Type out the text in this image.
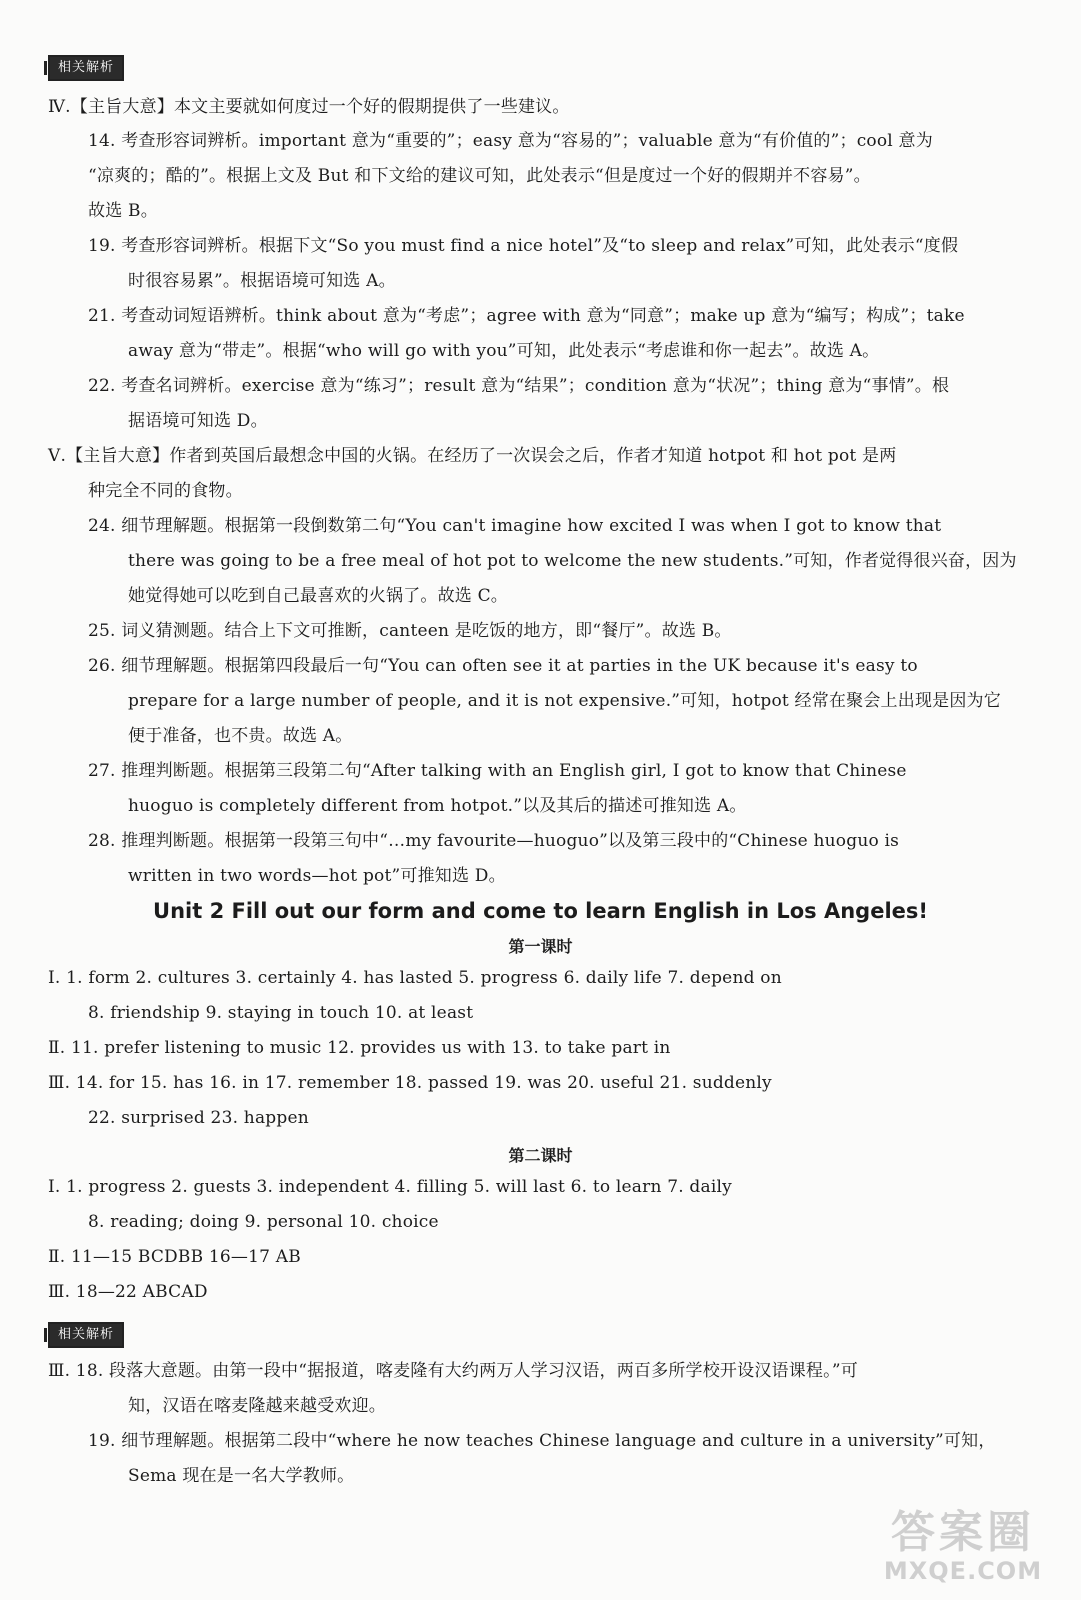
相关解析
Ⅳ.【主旨大意】本文主要就如何度过一个好的假期提供了一些建议。
14. 考查形容词辨析。important 意为“重要的”；easy 意为“容易的”；valuable 意为“有价值的”；cool 意为
“凉爽的；酷的”。根据上文及 But 和下文给的建议可知，此处表示“但是度过一个好的假期并不容易”。
故选 B。
19. 考查形容词辨析。根据下文“So you must find a nice hotel”及“to sleep and relax”可知，此处表示“度假
时很容易累”。根据语境可知选 A。
21. 考查动词短语辨析。think about 意为“考虑”；agree with 意为“同意”；make up 意为“编写；构成”；take
away 意为“带走”。根据“who will go with you”可知，此处表示“考虑谁和你一起去”。故选 A。
22. 考查名词辨析。exercise 意为“练习”；result 意为“结果”；condition 意为“状况”；thing 意为“事情”。根
据语境可知选 D。
Ⅴ.【主旨大意】作者到英国后最想念中国的火锅。在经历了一次误会之后，作者才知道 hotpot 和 hot pot 是两
种完全不同的食物。
24. 细节理解题。根据第一段倒数第二句“You can't imagine how excited I was when I got to know that
there was going to be a free meal of hot pot to welcome the new students.”可知，作者觉得很兴奋，因为
她觉得她可以吃到自己最喜欢的火锅了。故选 C。
25. 词义猜测题。结合上下文可推断，canteen 是吃饭的地方，即“餐厅”。故选 B。
26. 细节理解题。根据第四段最后一句“You can often see it at parties in the UK because it's easy to
prepare for a large number of people, and it is not expensive.”可知，hotpot 经常在聚会上出现是因为它
便于准备，也不贵。故选 A。
27. 推理判断题。根据第三段第二句“After talking with an English girl, I got to know that Chinese
huoguo is completely different from hotpot.”以及其后的描述可推知选 A。
28. 推理判断题。根据第一段第三句中“…my favourite—huoguo”以及第三段中的“Chinese huoguo is
written in two words—hot pot”可推知选 D。
Unit 2 Fill out our form and come to learn English in Los Angeles!
第一课时
Ⅰ. 1. form 2. cultures 3. certainly 4. has lasted 5. progress 6. daily life 7. depend on
8. friendship 9. staying in touch 10. at least
Ⅱ. 11. prefer listening to music 12. provides us with 13. to take part in
Ⅲ. 14. for 15. has 16. in 17. remember 18. passed 19. was 20. useful 21. suddenly
22. surprised 23. happen
第二课时
Ⅰ. 1. progress 2. guests 3. independent 4. filling 5. will last 6. to learn 7. daily
8. reading; doing 9. personal 10. choice
Ⅱ. 11—15 BCDBB 16—17 AB
Ⅲ. 18—22 ABCAD
相关解析
Ⅲ. 18. 段落大意题。由第一段中“据报道，喀麦隆有大约两万人学习汉语，两百多所学校开设汉语课程。”可
知，汉语在喀麦隆越来越受欢迎。
19. 细节理解题。根据第二段中“where he now teaches Chinese language and culture in a university”可知，
Sema 现在是一名大学教师。
答案圈
MXQE.COM
